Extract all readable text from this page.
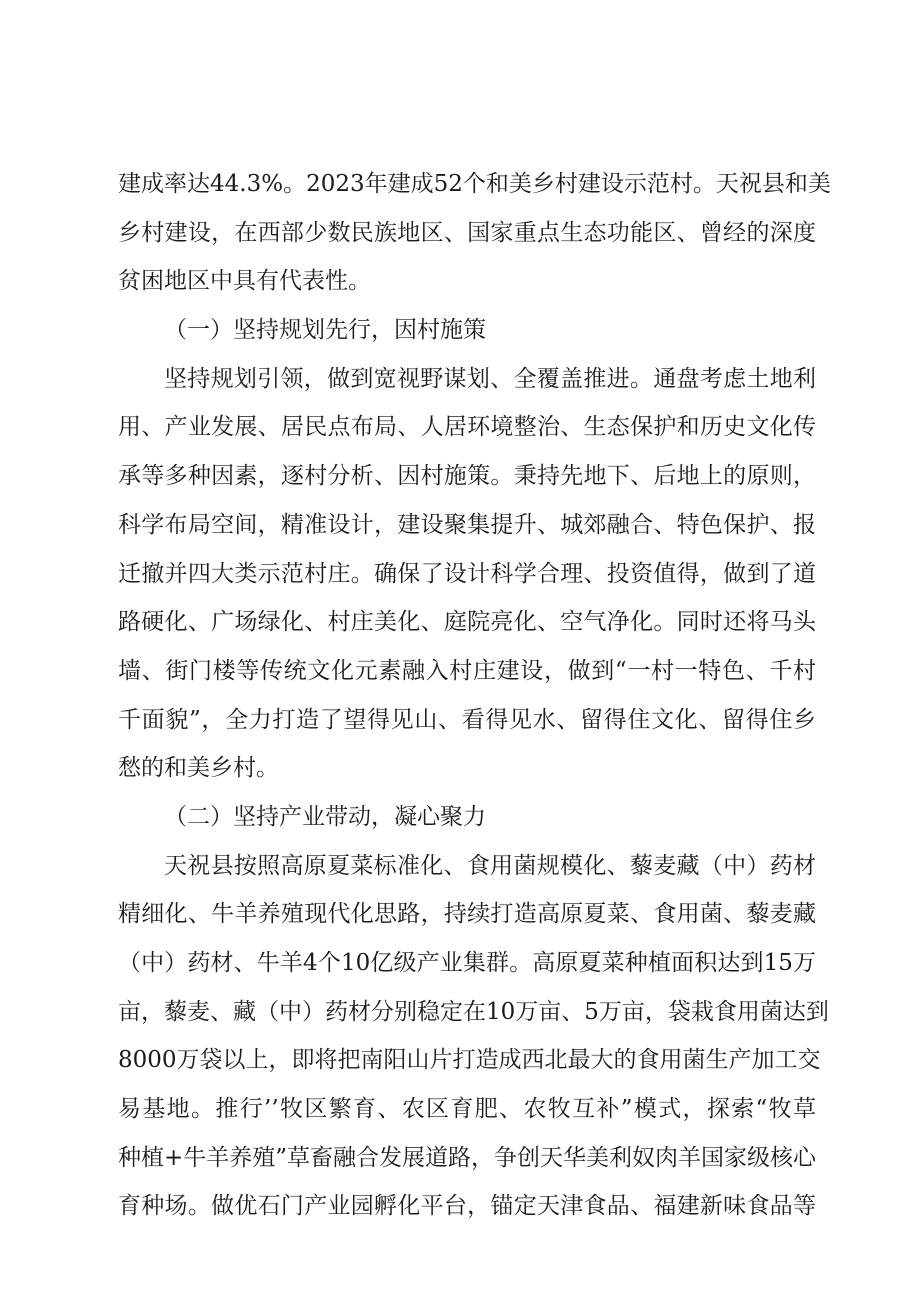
建成率达44.3%。2023年建成52个和美乡村建设示范村。天祝县和美
乡村建设，在西部少数民族地区、国家重点生态功能区、曾经的深度
贫困地区中具有代表性。
（一）坚持规划先行，因村施策
坚持规划引领，做到宽视野谋划、全覆盖推进。通盘考虑土地利
用、产业发展、居民点布局、人居环境整治、生态保护和历史文化传
承等多种因素，逐村分析、因村施策。秉持先地下、后地上的原则，
科学布局空间，精准设计，建设聚集提升、城郊融合、特色保护、报
迁撤并四大类示范村庄。确保了设计科学合理、投资值得，做到了道
路硬化、广场绿化、村庄美化、庭院亮化、空气净化。同时还将马头
墙、街门楼等传统文化元素融入村庄建设，做到“一村一特色、千村
千面貌”，全力打造了望得见山、看得见水、留得住文化、留得住乡
愁的和美乡村。
（二）坚持产业带动，凝心聚力
天祝县按照高原夏菜标准化、食用菌规模化、藜麦藏（中）药材
精细化、牛羊养殖现代化思路，持续打造高原夏菜、食用菌、藜麦藏
（中）药材、牛羊4个10亿级产业集群。高原夏菜种植面积达到15万
亩，藜麦、藏（中）药材分别稳定在10万亩、5万亩，袋栽食用菌达到
8000万袋以上，即将把南阳山片打造成西北最大的食用菌生产加工交
易基地。推行’’牧区繁育、农区育肥、农牧互补”模式，探索“牧草
种植+牛羊养殖”草畜融合发展道路，争创天华美利奴肉羊国家级核心
育种场。做优石门产业园孵化平台，锚定天津食品、福建新味食品等
